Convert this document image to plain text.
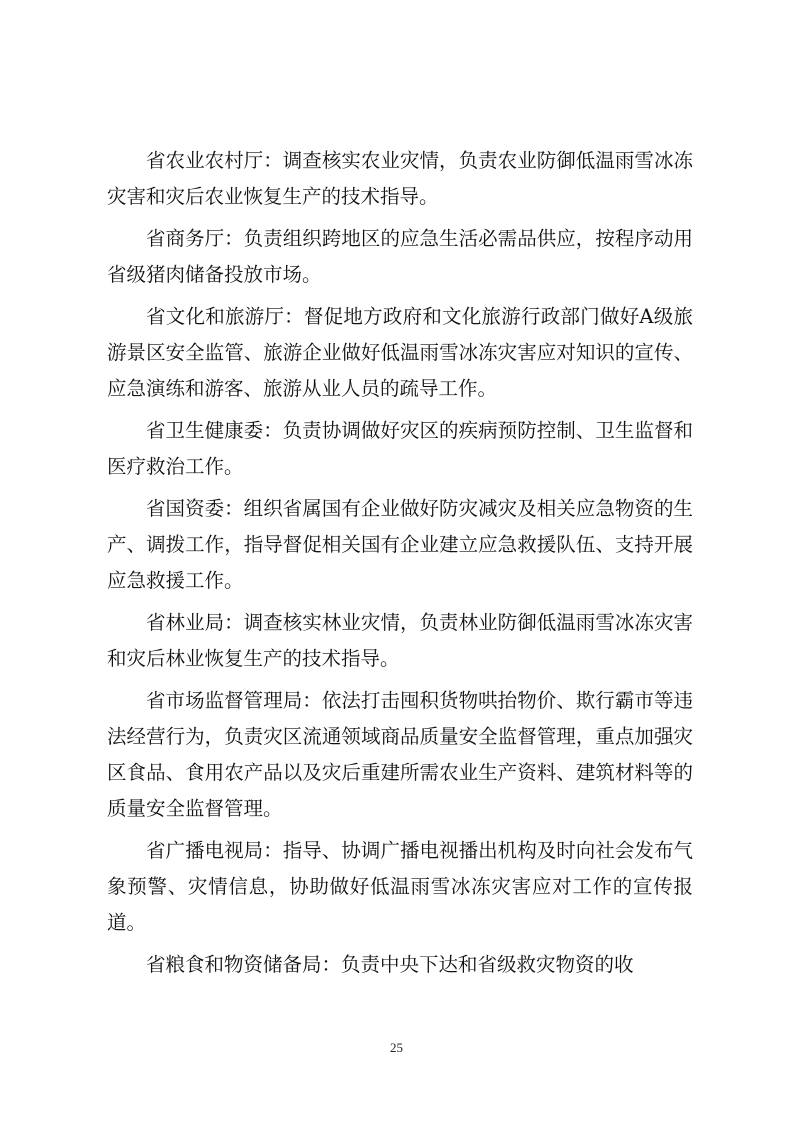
省农业农村厅：调查核实农业灾情，负责农业防御低温雨雪冰冻灾害和灾后农业恢复生产的技术指导。

省商务厅：负责组织跨地区的应急生活必需品供应，按程序动用省级猪肉储备投放市场。

省文化和旅游厅：督促地方政府和文化旅游行政部门做好A级旅游景区安全监管、旅游企业做好低温雨雪冰冻灾害应对知识的宣传、应急演练和游客、旅游从业人员的疏导工作。

省卫生健康委：负责协调做好灾区的疾病预防控制、卫生监督和医疗救治工作。

省国资委：组织省属国有企业做好防灾减灾及相关应急物资的生产、调拨工作，指导督促相关国有企业建立应急救援队伍、支持开展应急救援工作。

省林业局：调查核实林业灾情，负责林业防御低温雨雪冰冻灾害和灾后林业恢复生产的技术指导。

省市场监督管理局：依法打击囤积货物哄抬物价、欺行霸市等违法经营行为，负责灾区流通领域商品质量安全监督管理，重点加强灾区食品、食用农产品以及灾后重建所需农业生产资料、建筑材料等的质量安全监督管理。

省广播电视局：指导、协调广播电视播出机构及时向社会发布气象预警、灾情信息，协助做好低温雨雪冰冻灾害应对工作的宣传报道。

省粮食和物资储备局：负责中央下达和省级救灾物资的收

25
